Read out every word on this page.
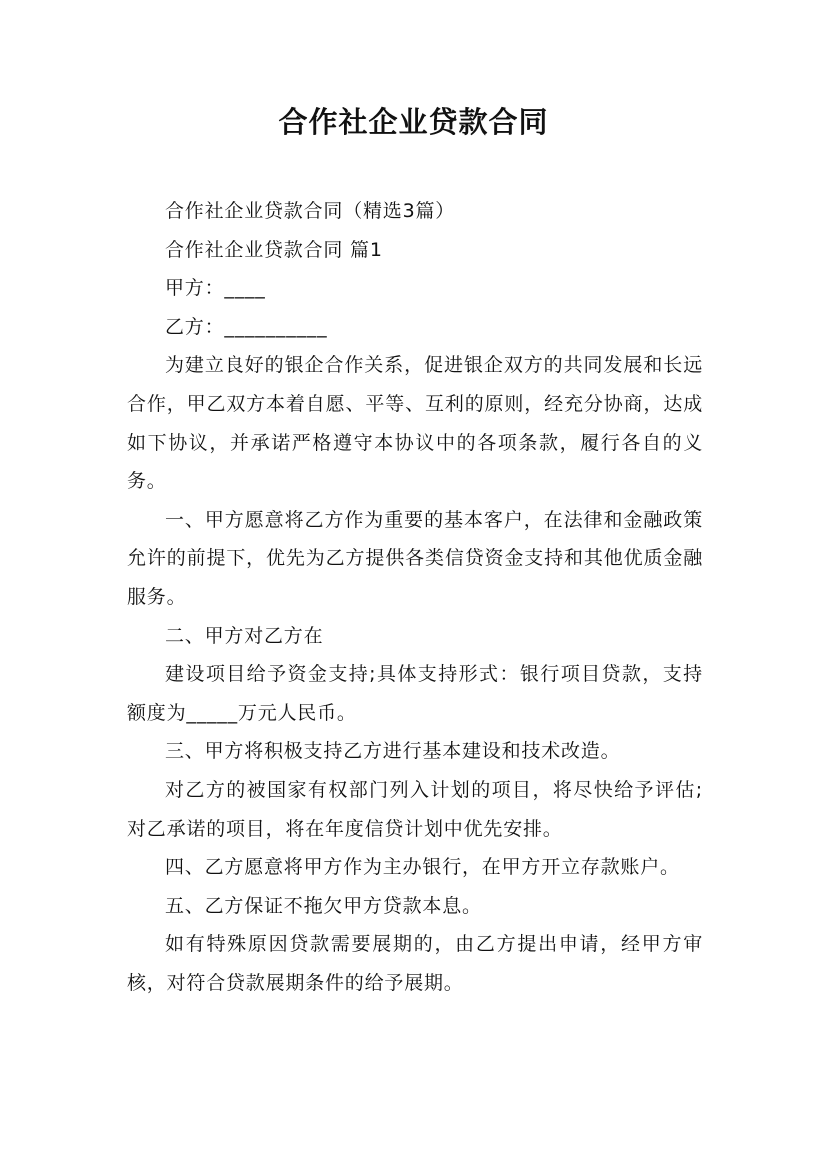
合作社企业贷款合同

合作社企业贷款合同（精选3篇）

合作社企业贷款合同 篇1

甲方：____

乙方：__________

为建立良好的银企合作关系，促进银企双方的共同发展和长远合作，甲乙双方本着自愿、平等、互利的原则，经充分协商，达成如下协议，并承诺严格遵守本协议中的各项条款，履行各自的义务。

一、甲方愿意将乙方作为重要的基本客户，在法律和金融政策允许的前提下，优先为乙方提供各类信贷资金支持和其他优质金融服务。

二、甲方对乙方在

建设项目给予资金支持;具体支持形式：银行项目贷款，支持额度为_____万元人民币。

三、甲方将积极支持乙方进行基本建设和技术改造。

对乙方的被国家有权部门列入计划的项目，将尽快给予评估;对乙承诺的项目，将在年度信贷计划中优先安排。

四、乙方愿意将甲方作为主办银行，在甲方开立存款账户。

五、乙方保证不拖欠甲方贷款本息。

如有特殊原因贷款需要展期的，由乙方提出申请，经甲方审核，对符合贷款展期条件的给予展期。
